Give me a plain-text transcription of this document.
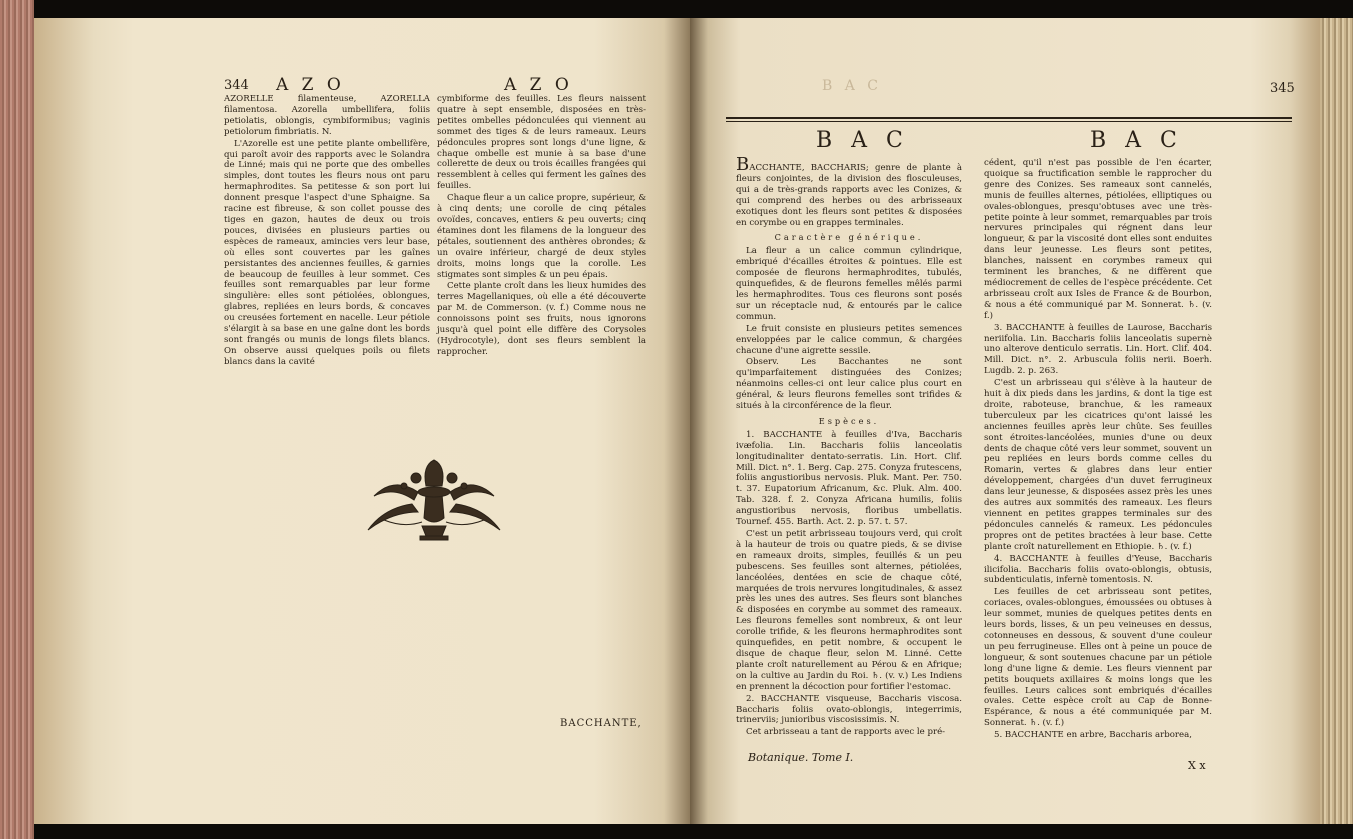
344 A Z O	A Z O

AZORELLE filamenteuse, AZORELLA filamentosa. Azorella umbellifera, foliis petiolatis, oblongis, cymbiformibus; vaginis petiolorum fimbriatis. N.

L'Azorelle est une petite plante ombellifère, qui paroît avoir des rapports avec le Solandra de Linné; mais qui ne porte que des ombelles simples, dont toutes les fleurs nous ont paru hermaphrodites. Sa petitesse & son port lui donnent presque l'aspect d'une Sphaigne. Sa racine est fibreuse, & son collet pousse des tiges en gazon, hautes de deux ou trois pouces, divisées en plusieurs parties ou espèces de rameaux, amincies vers leur base, où elles sont couvertes par les gaînes persistantes des anciennes feuilles, & garnies de beaucoup de feuilles à leur sommet. Ces feuilles sont remarquables par leur forme singulière: elles sont pétiolées, oblongues, glabres, repliées en leurs bords, & concaves ou creusées fortement en nacelle. Leur pétiole s'élargit à sa base en une gaîne dont les bords sont frangés ou munis de longs filets blancs. On observe aussi quelques poils ou filets blancs dans la cavité

cymbiforme des feuilles. Les fleurs naissent quatre à sept ensemble, disposées en très-petites ombelles pédonculées qui viennent au sommet des tiges & de leurs rameaux. Leurs pédoncules propres sont longs d'une ligne, & chaque ombelle est munie à sa base d'une collerette de deux ou trois écailles frangées qui ressemblent à celles qui ferment les gaînes des feuilles.

Chaque fleur a un calice propre, supérieur, & à cinq dents; une corolle de cinq pétales ovoïdes, concaves, entiers & peu ouverts; cinq étamines dont les filamens de la longueur des pétales, soutiennent des anthères obrondes; & un ovaire inférieur, chargé de deux styles droits, moins longs que la corolle. Les stigmates sont simples & un peu épais.

Cette plante croît dans les lieux humides des terres Magellaniques, où elle a été découverte par M. de Commerson. (v. f.) Comme nous ne connoissons point ses fruits, nous ignorons jusqu'à quel point elle diffère des Corysoles (Hydrocotyle), dont ses fleurs semblent la rapprocher.

BACCHANTE,
B A C	345
B A C	B A C

BACCHANTE, BACCHARIS; genre de plante à fleurs conjointes, de la division des flosculeuses, qui a de très-grands rapports avec les Conizes, & qui comprend des herbes ou des arbrisseaux exotiques dont les fleurs sont petites & disposées en corymbe ou en grappes terminales.

Caractère générique.

La fleur a un calice commun cylindrique, embriqué d'écailles étroites & pointues. Elle est composée de fleurons hermaphrodites, tubulés, quinquefides, & de fleurons femelles mêlés parmi les hermaphrodites. Tous ces fleurons sont posés sur un réceptacle nud, & entourés par le calice commun.

Le fruit consiste en plusieurs petites semences enveloppées par le calice commun, & chargées chacune d'une aigrette sessile.

Observ. Les Bacchantes ne sont qu'imparfaitement distinguées des Conizes; néanmoins celles-ci ont leur calice plus court en général, & leurs fleurons femelles sont trifides & situés à la circonférence de la fleur.

Espèces.

1. BACCHANTE à feuilles d'Iva, Baccharis ivæfolia. Lin. Baccharis foliis lanceolatis longitudinaliter dentato-serratis. Lin. Hort. Clif. Mill. Dict. n°. 1. Berg. Cap. 275. Conyza frutescens, foliis angustioribus nervosis. Pluk. Mant. Per. 750. t. 37. Eupatorium Africanum, &c. Pluk. Alm. 400. Tab. 328. f. 2. Conyza Africana humilis, foliis angustioribus nervosis, floribus umbellatis. Tournef. 455. Barth. Act. 2. p. 57. t. 57.

C'est un petit arbrisseau toujours verd, qui croît à la hauteur de trois ou quatre pieds, & se divise en rameaux droits, simples, feuillés & un peu pubescens. Ses feuilles sont alternes, pétiolées, lancéolées, dentées en scie de chaque côté, marquées de trois nervures longitudinales, & assez près les unes des autres. Ses fleurs sont blanches & disposées en corymbe au sommet des rameaux. Les fleurons femelles sont nombreux, & ont leur corolle trifide, & les fleurons hermaphrodites sont quinquefides, en petit nombre, & occupent le disque de chaque fleur, selon M. Linné. Cette plante croît naturellement au Pérou & en Afrique; on la cultive au Jardin du Roi. ♄. (v. v.) Les Indiens en prennent la décoction pour fortifier l'estomac.

2. BACCHANTE visqueuse, Baccharis viscosa. Baccharis foliis ovato-oblongis, integerrimis, trinerviis; junioribus viscosissimis. N.

Cet arbrisseau a tant de rapports avec le pré-

Botanique. Tome I.

cédent, qu'il n'est pas possible de l'en écarter, quoique sa fructification semble le rapprocher du genre des Conizes. Ses rameaux sont cannelés, munis de feuilles alternes, pétiolées, elliptiques ou ovales-oblongues, presqu'obtuses avec une très-petite pointe à leur sommet, remarquables par trois nervures principales qui régnent dans leur longueur, & par la viscosité dont elles sont enduites dans leur jeunesse. Les fleurs sont petites, blanches, naissent en corymbes rameux qui terminent les branches, & ne diffèrent que médiocrement de celles de l'espèce précédente. Cet arbrisseau croît aux Isles de France & de Bourbon, & nous a été communiqué par M. Sonnerat. ♄. (v. f.)

3. BACCHANTE à feuilles de Laurose, Baccharis neriifolia. Lin. Baccharis foliis lanceolatis supernè uno alterove denticulo serratis. Lin. Hort. Clif. 404. Mill. Dict. n°. 2. Arbuscula foliis nerii. Boerh. Lugdb. 2. p. 263.

C'est un arbrisseau qui s'élève à la hauteur de huit à dix pieds dans les jardins, & dont la tige est droite, raboteuse, branchue, & les rameaux tuberculeux par les cicatrices qu'ont laissé les anciennes feuilles après leur chûte. Ses feuilles sont étroites-lancéolées, munies d'une ou deux dents de chaque côté vers leur sommet, souvent un peu repliées en leurs bords comme celles du Romarin, vertes & glabres dans leur entier développement, chargées d'un duvet ferrugineux dans leur jeunesse, & disposées assez près les unes des autres aux sommités des rameaux. Les fleurs viennent en petites grappes terminales sur des pédoncules cannelés & rameux. Les pédoncules propres ont de petites bractées à leur base. Cette plante croît naturellement en Ethiopie. ♄. (v. f.)

4. BACCHANTE à feuilles d'Yeuse, Baccharis ilicifolia. Baccharis foliis ovato-oblongis, obtusis, subdenticulatis, infernè tomentosis. N.

Les feuilles de cet arbrisseau sont petites, coriaces, ovales-oblongues, émoussées ou obtuses à leur sommet, munies de quelques petites dents en leurs bords, lisses, & un peu veineuses en dessus, cotonneuses en dessous, & souvent d'une couleur un peu ferrugineuse. Elles ont à peine un pouce de longueur, & sont soutenues chacune par un pétiole long d'une ligne & demie. Les fleurs viennent par petits bouquets axillaires & moins longs que les feuilles. Leurs calices sont embriqués d'écailles ovales. Cette espèce croît au Cap de Bonne-Espérance, & nous a été communiquée par M. Sonnerat. ♄. (v. f.)

5. BACCHANTE en arbre, Baccharis arborea,

X x
